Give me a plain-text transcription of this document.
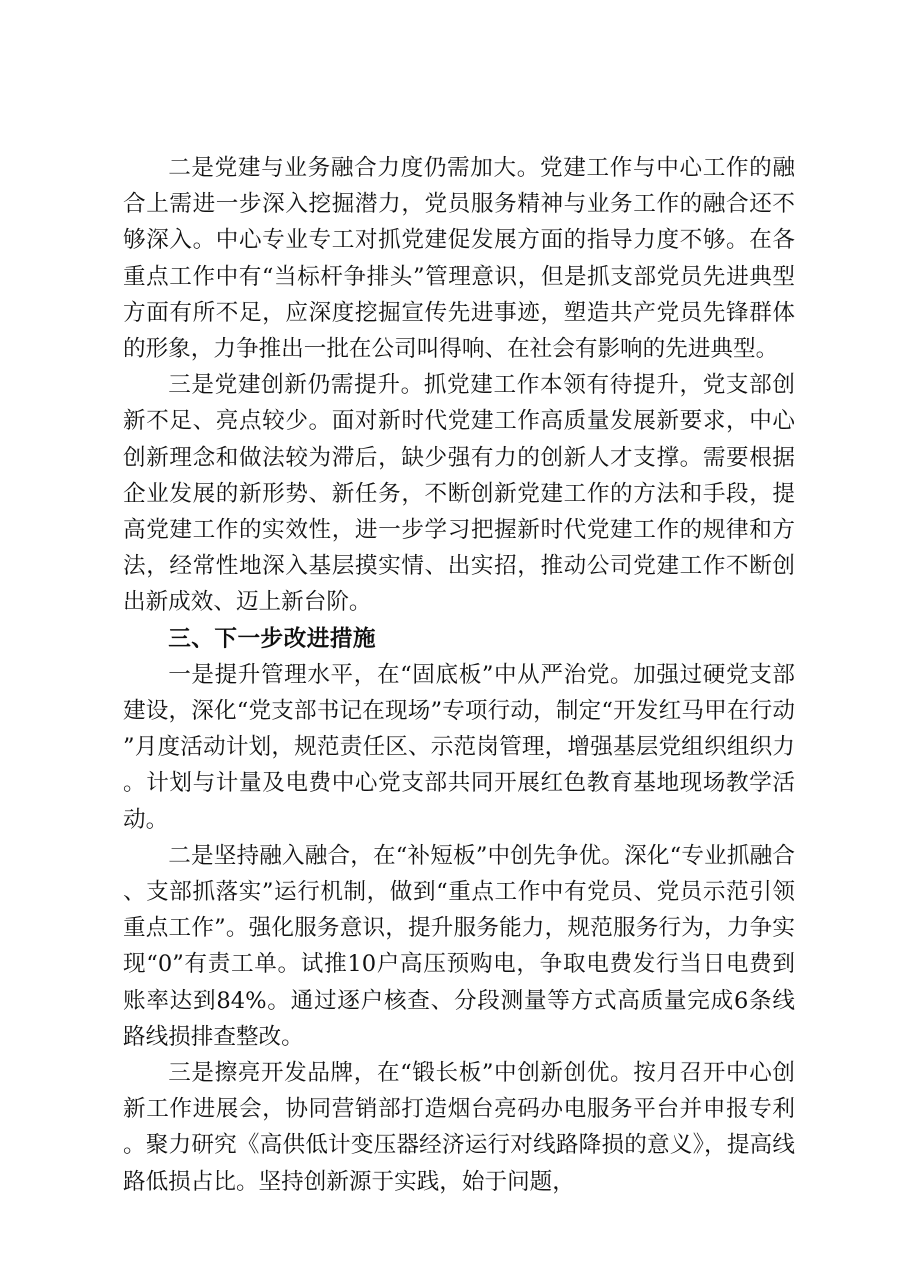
二是党建与业务融合力度仍需加大。党建工作与中心工作的融合上需进一步深入挖掘潜力，党员服务精神与业务工作的融合还不够深入。中心专业专工对抓党建促发展方面的指导力度不够。在各重点工作中有“当标杆争排头”管理意识，但是抓支部党员先进典型方面有所不足，应深度挖掘宣传先进事迹，塑造共产党员先锋群体的形象，力争推出一批在公司叫得响、在社会有影响的先进典型。

三是党建创新仍需提升。抓党建工作本领有待提升，党支部创新不足、亮点较少。面对新时代党建工作高质量发展新要求，中心创新理念和做法较为滞后，缺少强有力的创新人才支撑。需要根据企业发展的新形势、新任务，不断创新党建工作的方法和手段，提高党建工作的实效性，进一步学习把握新时代党建工作的规律和方法，经常性地深入基层摸实情、出实招，推动公司党建工作不断创出新成效、迈上新台阶。

三、下一步改进措施

一是提升管理水平，在“固底板”中从严治党。加强过硬党支部建设，深化“党支部书记在现场”专项行动，制定“开发红马甲在行动”月度活动计划，规范责任区、示范岗管理，增强基层党组织组织力。计划与计量及电费中心党支部共同开展红色教育基地现场教学活动。

二是坚持融入融合，在“补短板”中创先争优。深化“专业抓融合、支部抓落实”运行机制，做到“重点工作中有党员、党员示范引领重点工作”。强化服务意识，提升服务能力，规范服务行为，力争实现“0”有责工单。试推10户高压预购电，争取电费发行当日电费到账率达到84%。通过逐户核查、分段测量等方式高质量完成6条线路线损排查整改。

三是擦亮开发品牌，在“锻长板”中创新创优。按月召开中心创新工作进展会，协同营销部打造烟台亮码办电服务平台并申报专利。聚力研究《高供低计变压器经济运行对线路降损的意义》，提高线路低损占比。坚持创新源于实践，始于问题，
